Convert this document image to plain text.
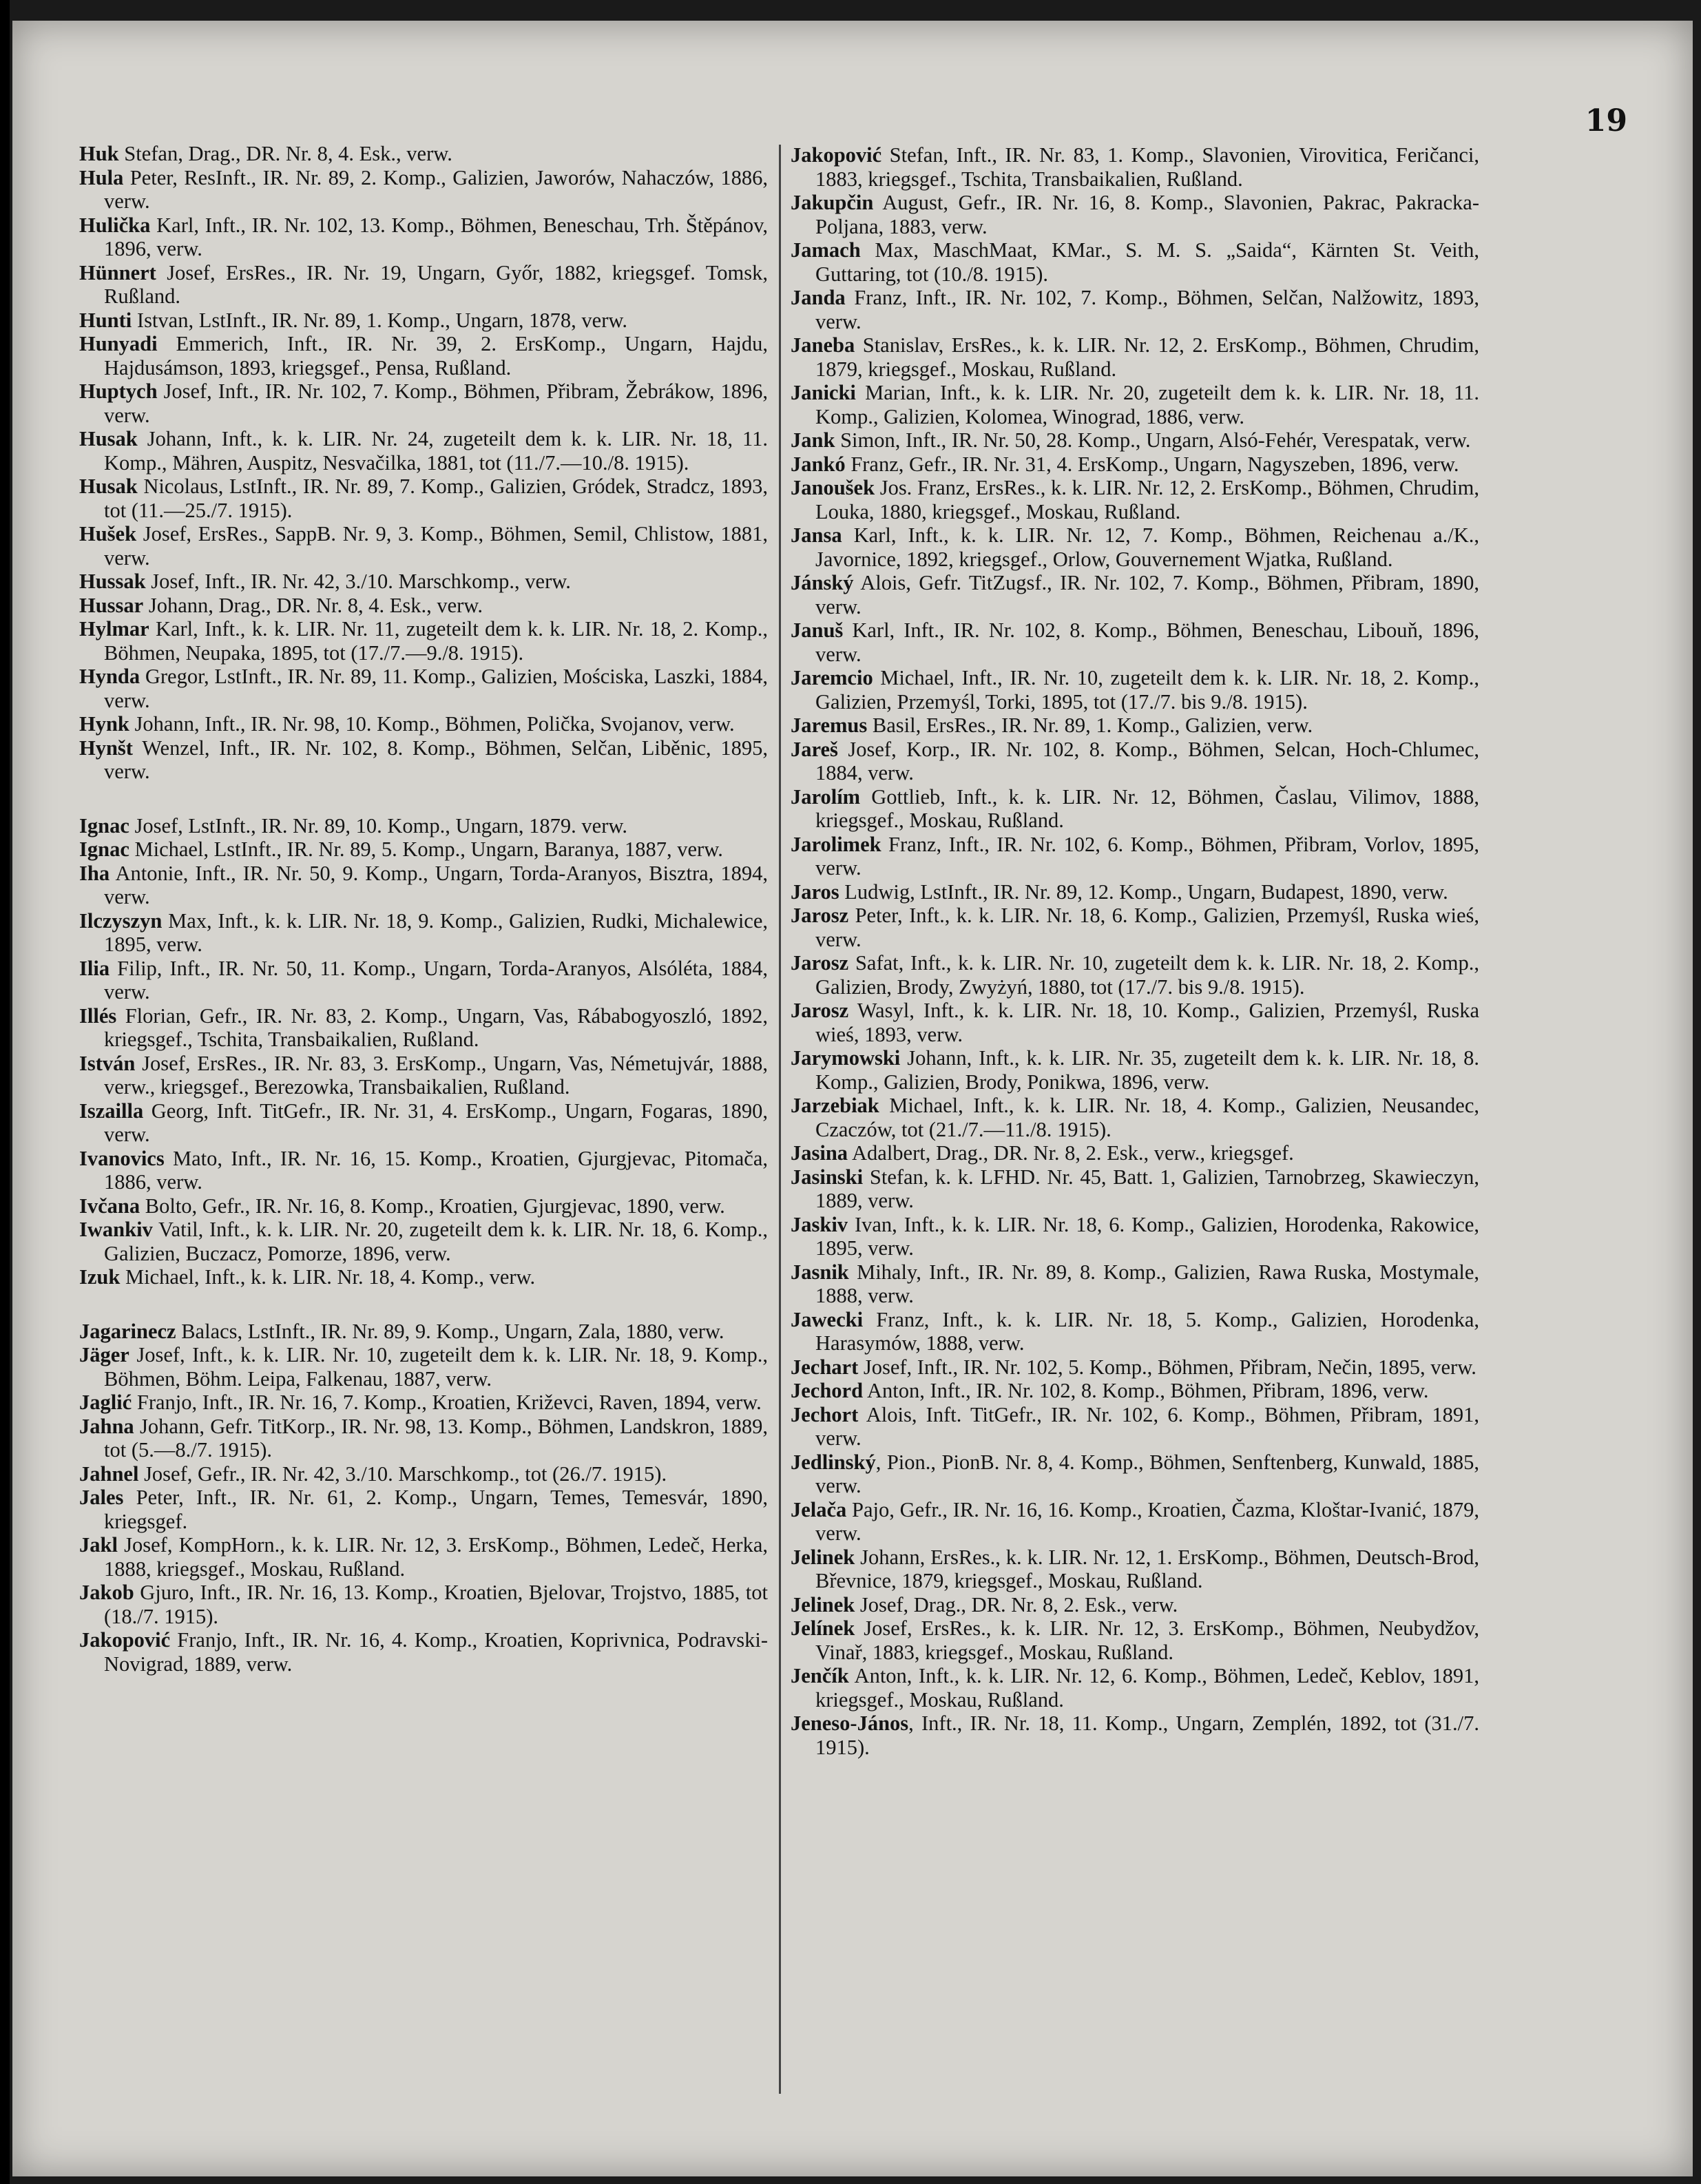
19

Huk Stefan, Drag., DR. Nr. 8, 4. Esk., verw.

Hula Peter, ResInft., IR. Nr. 89, 2. Komp., Galizien, Jaworów, Nahaczów, 1886, verw.

Hulička Karl, Inft., IR. Nr. 102, 13. Komp., Böhmen, Beneschau, Trh. Štěpánov, 1896, verw.

Hünnert Josef, ErsRes., IR. Nr. 19, Ungarn, Győr, 1882, kriegsgef. Tomsk, Rußland.

Hunti Istvan, LstInft., IR. Nr. 89, 1. Komp., Ungarn, 1878, verw.

Hunyadi Emmerich, Inft., IR. Nr. 39, 2. ErsKomp., Ungarn, Hajdu, Hajdusámson, 1893, kriegsgef., Pensa, Rußland.

Huptych Josef, Inft., IR. Nr. 102, 7. Komp., Böhmen, Přibram, Žebrákow, 1896, verw.

Husak Johann, Inft., k. k. LIR. Nr. 24, zugeteilt dem k. k. LIR. Nr. 18, 11. Komp., Mähren, Auspitz, Nesvačilka, 1881, tot (11./7.—10./8. 1915).

Husak Nicolaus, LstInft., IR. Nr. 89, 7. Komp., Galizien, Gródek, Stradcz, 1893, tot (11.—25./7. 1915).

Hušek Josef, ErsRes., SappB. Nr. 9, 3. Komp., Böhmen, Semil, Chlistow, 1881, verw.

Hussak Josef, Inft., IR. Nr. 42, 3./10. Marschkomp., verw.

Hussar Johann, Drag., DR. Nr. 8, 4. Esk., verw.

Hylmar Karl, Inft., k. k. LIR. Nr. 11, zugeteilt dem k. k. LIR. Nr. 18, 2. Komp., Böhmen, Neupaka, 1895, tot (17./7.—9./8. 1915).

Hynda Gregor, LstInft., IR. Nr. 89, 11. Komp., Galizien, Mościska, Laszki, 1884, verw.

Hynk Johann, Inft., IR. Nr. 98, 10. Komp., Böhmen, Polička, Svojanov, verw.

Hynšt Wenzel, Inft., IR. Nr. 102, 8. Komp., Böhmen, Selčan, Liběnic, 1895, verw.

Ignac Josef, LstInft., IR. Nr. 89, 10. Komp., Ungarn, 1879. verw.

Ignac Michael, LstInft., IR. Nr. 89, 5. Komp., Ungarn, Baranya, 1887, verw.

Iha Antonie, Inft., IR. Nr. 50, 9. Komp., Ungarn, Torda-Aranyos, Bisztra, 1894, verw.

Ilczyszyn Max, Inft., k. k. LIR. Nr. 18, 9. Komp., Galizien, Rudki, Michalewice, 1895, verw.

Ilia Filip, Inft., IR. Nr. 50, 11. Komp., Ungarn, Torda-Aranyos, Alsóléta, 1884, verw.

Illés Florian, Gefr., IR. Nr. 83, 2. Komp., Ungarn, Vas, Rábabogyoszló, 1892, kriegsgef., Tschita, Transbaikalien, Rußland.

István Josef, ErsRes., IR. Nr. 83, 3. ErsKomp., Ungarn, Vas, Németujvár, 1888, verw., kriegsgef., Berezowka, Transbaikalien, Rußland.

Iszailla Georg, Inft. TitGefr., IR. Nr. 31, 4. ErsKomp., Ungarn, Fogaras, 1890, verw.

Ivanovics Mato, Inft., IR. Nr. 16, 15. Komp., Kroatien, Gjurgjevac, Pitomača, 1886, verw.

Ivčana Bolto, Gefr., IR. Nr. 16, 8. Komp., Kroatien, Gjurgjevac, 1890, verw.

Iwankiv Vatil, Inft., k. k. LIR. Nr. 20, zugeteilt dem k. k. LIR. Nr. 18, 6. Komp., Galizien, Buczacz, Pomorze, 1896, verw.

Izuk Michael, Inft., k. k. LIR. Nr. 18, 4. Komp., verw.

Jagarinecz Balacs, LstInft., IR. Nr. 89, 9. Komp., Ungarn, Zala, 1880, verw.

Jäger Josef, Inft., k. k. LIR. Nr. 10, zugeteilt dem k. k. LIR. Nr. 18, 9. Komp., Böhmen, Böhm. Leipa, Falkenau, 1887, verw.

Jaglić Franjo, Inft., IR. Nr. 16, 7. Komp., Kroatien, Križevci, Raven, 1894, verw.

Jahna Johann, Gefr. TitKorp., IR. Nr. 98, 13. Komp., Böhmen, Landskron, 1889, tot (5.—8./7. 1915).

Jahnel Josef, Gefr., IR. Nr. 42, 3./10. Marschkomp., tot (26./7. 1915).

Jales Peter, Inft., IR. Nr. 61, 2. Komp., Ungarn, Temes, Temesvár, 1890, kriegsgef.

Jakl Josef, KompHorn., k. k. LIR. Nr. 12, 3. ErsKomp., Böhmen, Ledeč, Herka, 1888, kriegsgef., Moskau, Rußland.

Jakob Gjuro, Inft., IR. Nr. 16, 13. Komp., Kroatien, Bjelovar, Trojstvo, 1885, tot (18./7. 1915).

Jakopović Franjo, Inft., IR. Nr. 16, 4. Komp., Kroatien, Koprivnica, Podravski-Novigrad, 1889, verw.

Jakopović Stefan, Inft., IR. Nr. 83, 1. Komp., Slavonien, Virovitica, Feričanci, 1883, kriegsgef., Tschita, Transbaikalien, Rußland.

Jakupčin August, Gefr., IR. Nr. 16, 8. Komp., Slavonien, Pakrac, Pakracka-Poljana, 1883, verw.

Jamach Max, MaschMaat, KMar., S. M. S. „Saida“, Kärnten St. Veith, Guttaring, tot (10./8. 1915).

Janda Franz, Inft., IR. Nr. 102, 7. Komp., Böhmen, Selčan, Nalžowitz, 1893, verw.

Janeba Stanislav, ErsRes., k. k. LIR. Nr. 12, 2. ErsKomp., Böhmen, Chrudim, 1879, kriegsgef., Moskau, Rußland.

Janicki Marian, Inft., k. k. LIR. Nr. 20, zugeteilt dem k. k. LIR. Nr. 18, 11. Komp., Galizien, Kolomea, Winograd, 1886, verw.

Jank Simon, Inft., IR. Nr. 50, 28. Komp., Ungarn, Alsó-Fehér, Verespatak, verw.

Jankó Franz, Gefr., IR. Nr. 31, 4. ErsKomp., Ungarn, Nagyszeben, 1896, verw.

Janoušek Jos. Franz, ErsRes., k. k. LIR. Nr. 12, 2. ErsKomp., Böhmen, Chrudim, Louka, 1880, kriegsgef., Moskau, Rußland.

Jansa Karl, Inft., k. k. LIR. Nr. 12, 7. Komp., Böhmen, Reichenau a./K., Javornice, 1892, kriegsgef., Orlow, Gouvernement Wjatka, Rußland.

Jánský Alois, Gefr. TitZugsf., IR. Nr. 102, 7. Komp., Böhmen, Přibram, 1890, verw.

Januš Karl, Inft., IR. Nr. 102, 8. Komp., Böhmen, Beneschau, Libouň, 1896, verw.

Jaremcio Michael, Inft., IR. Nr. 10, zugeteilt dem k. k. LIR. Nr. 18, 2. Komp., Galizien, Przemyśl, Torki, 1895, tot (17./7. bis 9./8. 1915).

Jaremus Basil, ErsRes., IR. Nr. 89, 1. Komp., Galizien, verw.

Jareš Josef, Korp., IR. Nr. 102, 8. Komp., Böhmen, Selcan, Hoch-Chlumec, 1884, verw.

Jarolím Gottlieb, Inft., k. k. LIR. Nr. 12, Böhmen, Časlau, Vilimov, 1888, kriegsgef., Moskau, Rußland.

Jarolimek Franz, Inft., IR. Nr. 102, 6. Komp., Böhmen, Přibram, Vorlov, 1895, verw.

Jaros Ludwig, LstInft., IR. Nr. 89, 12. Komp., Ungarn, Budapest, 1890, verw.

Jarosz Peter, Inft., k. k. LIR. Nr. 18, 6. Komp., Galizien, Przemyśl, Ruska wieś, verw.

Jarosz Safat, Inft., k. k. LIR. Nr. 10, zugeteilt dem k. k. LIR. Nr. 18, 2. Komp., Galizien, Brody, Zwyżyń, 1880, tot (17./7. bis 9./8. 1915).

Jarosz Wasyl, Inft., k. k. LIR. Nr. 18, 10. Komp., Galizien, Przemyśl, Ruska wieś, 1893, verw.

Jarymowski Johann, Inft., k. k. LIR. Nr. 35, zugeteilt dem k. k. LIR. Nr. 18, 8. Komp., Galizien, Brody, Ponikwa, 1896, verw.

Jarzebiak Michael, Inft., k. k. LIR. Nr. 18, 4. Komp., Galizien, Neusandec, Czaczów, tot (21./7.—11./8. 1915).

Jasina Adalbert, Drag., DR. Nr. 8, 2. Esk., verw., kriegsgef.

Jasinski Stefan, k. k. LFHD. Nr. 45, Batt. 1, Galizien, Tarnobrzeg, Skawieczyn, 1889, verw.

Jaskiv Ivan, Inft., k. k. LIR. Nr. 18, 6. Komp., Galizien, Horodenka, Rakowice, 1895, verw.

Jasnik Mihaly, Inft., IR. Nr. 89, 8. Komp., Galizien, Rawa Ruska, Mostymale, 1888, verw.

Jawecki Franz, Inft., k. k. LIR. Nr. 18, 5. Komp., Galizien, Horodenka, Harasymów, 1888, verw.

Jechart Josef, Inft., IR. Nr. 102, 5. Komp., Böhmen, Přibram, Nečin, 1895, verw.

Jechord Anton, Inft., IR. Nr. 102, 8. Komp., Böhmen, Přibram, 1896, verw.

Jechort Alois, Inft. TitGefr., IR. Nr. 102, 6. Komp., Böhmen, Přibram, 1891, verw.

Jedlinský, Pion., PionB. Nr. 8, 4. Komp., Böhmen, Senftenberg, Kunwald, 1885, verw.

Jelača Pajo, Gefr., IR. Nr. 16, 16. Komp., Kroatien, Čazma, Kloštar-Ivanić, 1879, verw.

Jelinek Johann, ErsRes., k. k. LIR. Nr. 12, 1. ErsKomp., Böhmen, Deutsch-Brod, Břevnice, 1879, kriegsgef., Moskau, Rußland.

Jelinek Josef, Drag., DR. Nr. 8, 2. Esk., verw.

Jelínek Josef, ErsRes., k. k. LIR. Nr. 12, 3. ErsKomp., Böhmen, Neubydžov, Vinař, 1883, kriegsgef., Moskau, Rußland.

Jenčík Anton, Inft., k. k. LIR. Nr. 12, 6. Komp., Böhmen, Ledeč, Keblov, 1891, kriegsgef., Moskau, Rußland.

Jeneso-János, Inft., IR. Nr. 18, 11. Komp., Ungarn, Zemplén, 1892, tot (31./7. 1915).
